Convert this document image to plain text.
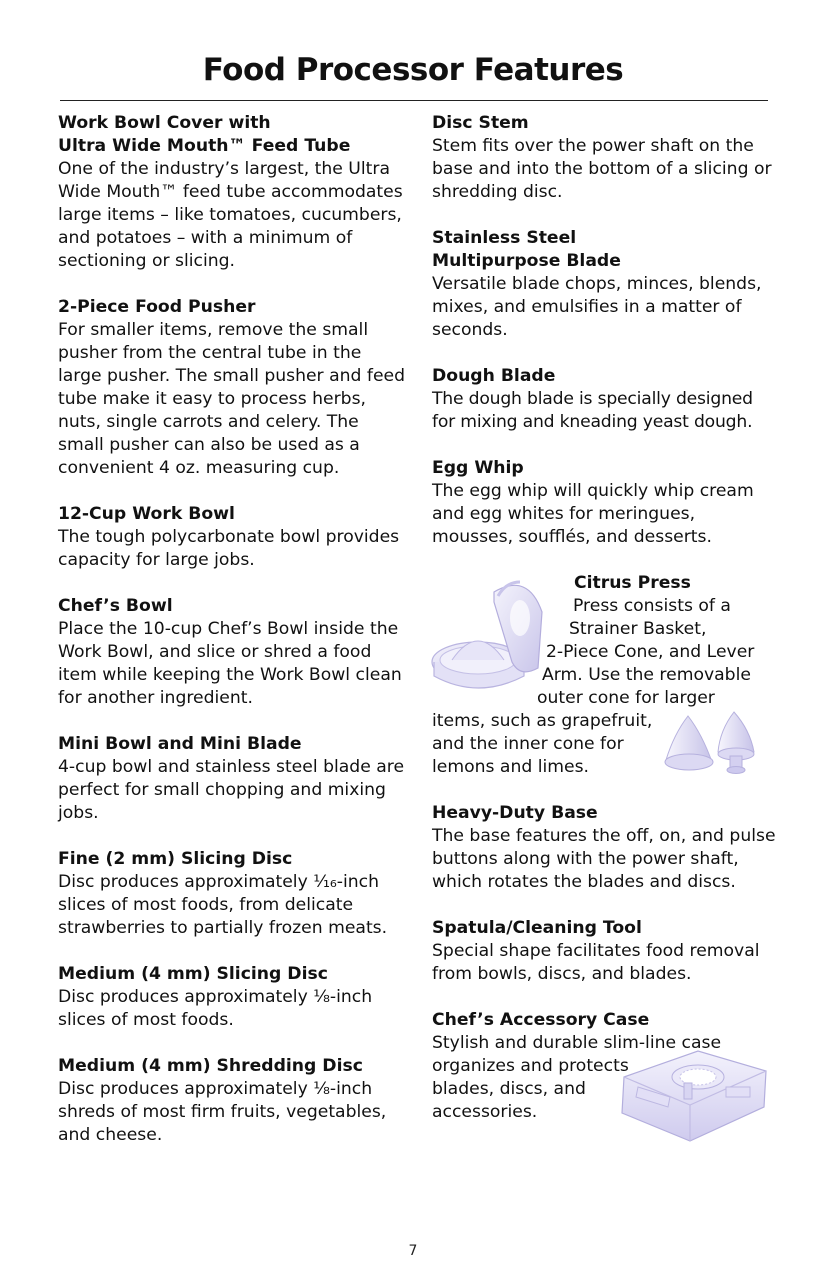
Food Processor Features
Work Bowl Cover with
Ultra Wide Mouth™ Feed Tube

One of the industry’s largest, the Ultra Wide Mouth™ feed tube accommodates large items – like tomatoes, cucumbers, and potatoes – with a minimum of sectioning or slicing.

2-Piece Food Pusher

For smaller items, remove the small pusher from the central tube in the large pusher. The small pusher and feed tube make it easy to process herbs, nuts, single carrots and celery. The small pusher can also be used as a convenient 4 oz. measuring cup.

12-Cup Work Bowl

The tough polycarbonate bowl provides capacity for large jobs.

Chef’s Bowl

Place the 10-cup Chef’s Bowl inside the Work Bowl, and slice or shred a food item while keeping the Work Bowl clean for another ingredient.

Mini Bowl and Mini Blade

4-cup bowl and stainless steel blade are perfect for small chopping and mixing jobs.

Fine (2 mm) Slicing Disc

Disc produces approximately ¹⁄₁₆-inch slices of most foods, from delicate strawberries to partially frozen meats.

Medium (4 mm) Slicing Disc

Disc produces approximately ⅛-inch slices of most foods.

Medium (4 mm) Shredding Disc

Disc produces approximately ⅛-inch shreds of most firm fruits, vegetables, and cheese.

Disc Stem

Stem fits over the power shaft on the base and into the bottom of a slicing or shredding disc.

Stainless Steel
Multipurpose Blade

Versatile blade chops, minces, blends, mixes, and emulsifies in a matter of seconds.

Dough Blade

The dough blade is specially designed for mixing and kneading yeast dough.

Egg Whip

The egg whip will quickly whip cream and egg whites for meringues, mousses, soufflés, and desserts.

Citrus Press
Press consists of a
Strainer Basket,
2-Piece Cone, and Lever
Arm. Use the removable
outer cone for larger
items, such as grapefruit,
and the inner cone for
lemons and limes.
Heavy-Duty Base

The base features the off, on, and pulse buttons along with the power shaft, which rotates the blades and discs.

Spatula/Cleaning Tool

Special shape facilitates food removal from bowls, discs, and blades.

Chef’s Accessory Case
Stylish and durable slim-line case
organizes and protects
blades, discs, and
accessories.
7
